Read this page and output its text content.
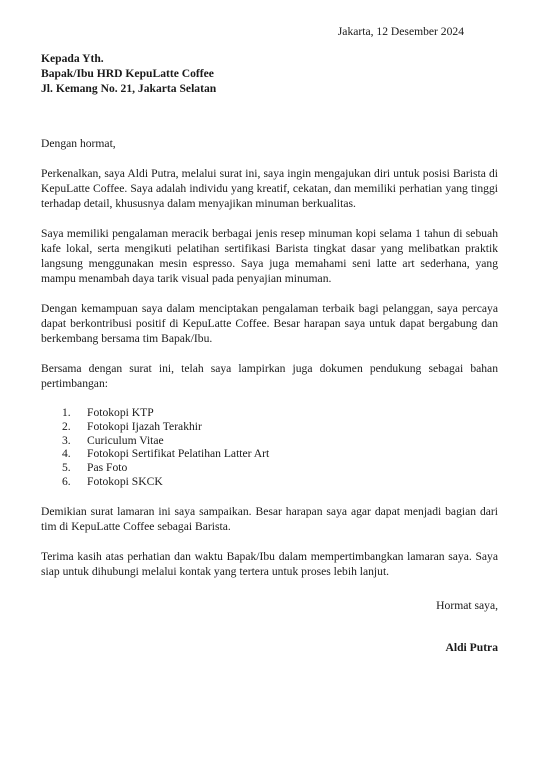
Jakarta, 12 Desember 2024
Kepada Yth.
Bapak/Ibu HRD KepuLatte Coffee
Jl. Kemang No. 21, Jakarta Selatan

Dengan hormat,

Perkenalkan, saya Aldi Putra, melalui surat ini, saya ingin mengajukan diri untuk posisi Barista di KepuLatte Coffee. Saya adalah individu yang kreatif, cekatan, dan memiliki perhatian yang tinggi terhadap detail, khususnya dalam menyajikan minuman berkualitas.

Saya memiliki pengalaman meracik berbagai jenis resep minuman kopi selama 1 tahun di sebuah kafe lokal, serta mengikuti pelatihan sertifikasi Barista tingkat dasar yang melibatkan praktik langsung menggunakan mesin espresso. Saya juga memahami seni latte art sederhana, yang mampu menambah daya tarik visual pada penyajian minuman.

Dengan kemampuan saya dalam menciptakan pengalaman terbaik bagi pelanggan, saya percaya dapat berkontribusi positif di KepuLatte Coffee. Besar harapan saya untuk dapat bergabung dan berkembang bersama tim Bapak/Ibu.

Bersama dengan surat ini, telah saya lampirkan juga dokumen pendukung sebagai bahan pertimbangan:

1.	Fotokopi KTP
2.	Fotokopi Ijazah Terakhir
3.	Curiculum Vitae
4.	Fotokopi Sertifikat Pelatihan Latter Art
5.	Pas Foto
6.	Fotokopi SKCK

Demikian surat lamaran ini saya sampaikan. Besar harapan saya agar dapat menjadi bagian dari tim di KepuLatte Coffee sebagai Barista.

Terima kasih atas perhatian dan waktu Bapak/Ibu dalam mempertimbangkan lamaran saya. Saya siap untuk dihubungi melalui kontak yang tertera untuk proses lebih lanjut.

Hormat saya,
Aldi Putra
